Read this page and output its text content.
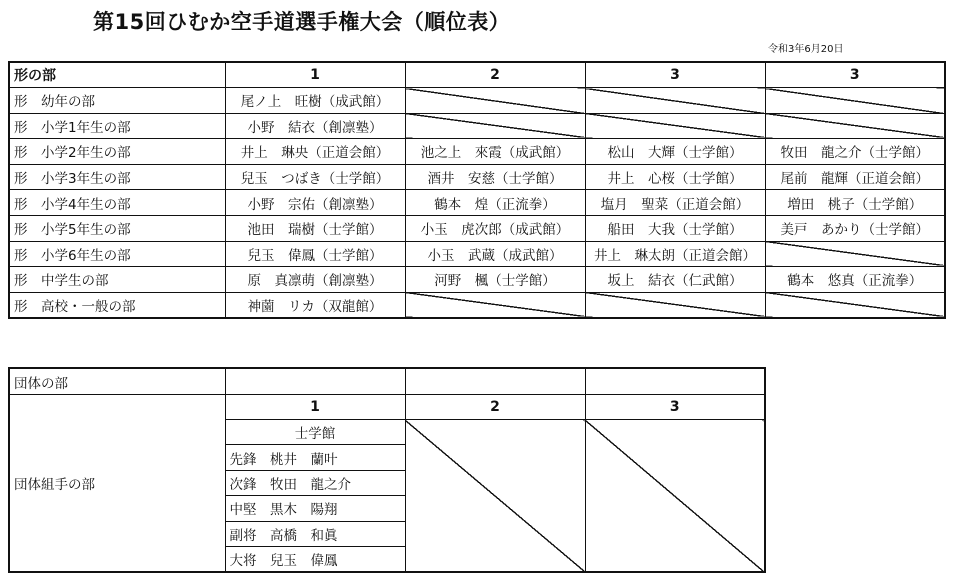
第15回ひむか空手道選手権大会（順位表）
令和3年6月20日
形の部	1	2	3	3
形　幼年の部	尾ノ上　旺樹（成武館）			
形　小学1年生の部	小野　結衣（創凛塾）			
形　小学2年生の部	井上　琳央（正道会館）	池之上　來霞（成武館）	松山　大輝（士学館）	牧田　龍之介（士学館）
形　小学3年生の部	兒玉　つばき（士学館）	酒井　安慈（士学館）	井上　心桜（士学館）	尾前　龍輝（正道会館）
形　小学4年生の部	小野　宗佑（創凛塾）	鶴本　煌（正流拳）	塩月　聖菜（正道会館）	増田　桃子（士学館）
形　小学5年生の部	池田　瑞樹（士学館）	小玉　虎次郎（成武館）	船田　大我（士学館）	美戸　あかり（士学館）
形　小学6年生の部	兒玉　偉鳳（士学館）	小玉　武蔵（成武館）	井上　琳太朗（正道会館）	
形　中学生の部	原　真凛萌（創凛塾）	河野　楓（士学館）	坂上　結衣（仁武館）	鶴本　悠真（正流拳）
形　高校・一般の部	神薗　リカ（双龍館）			
団体の部			
団体組手の部	1	2	3
	士学館		
	先鋒　桃井　蘭叶		
	次鋒　牧田　龍之介		
	中堅　黒木　陽翔		
	副将　高橋　和眞		
	大将　兒玉　偉鳳		
